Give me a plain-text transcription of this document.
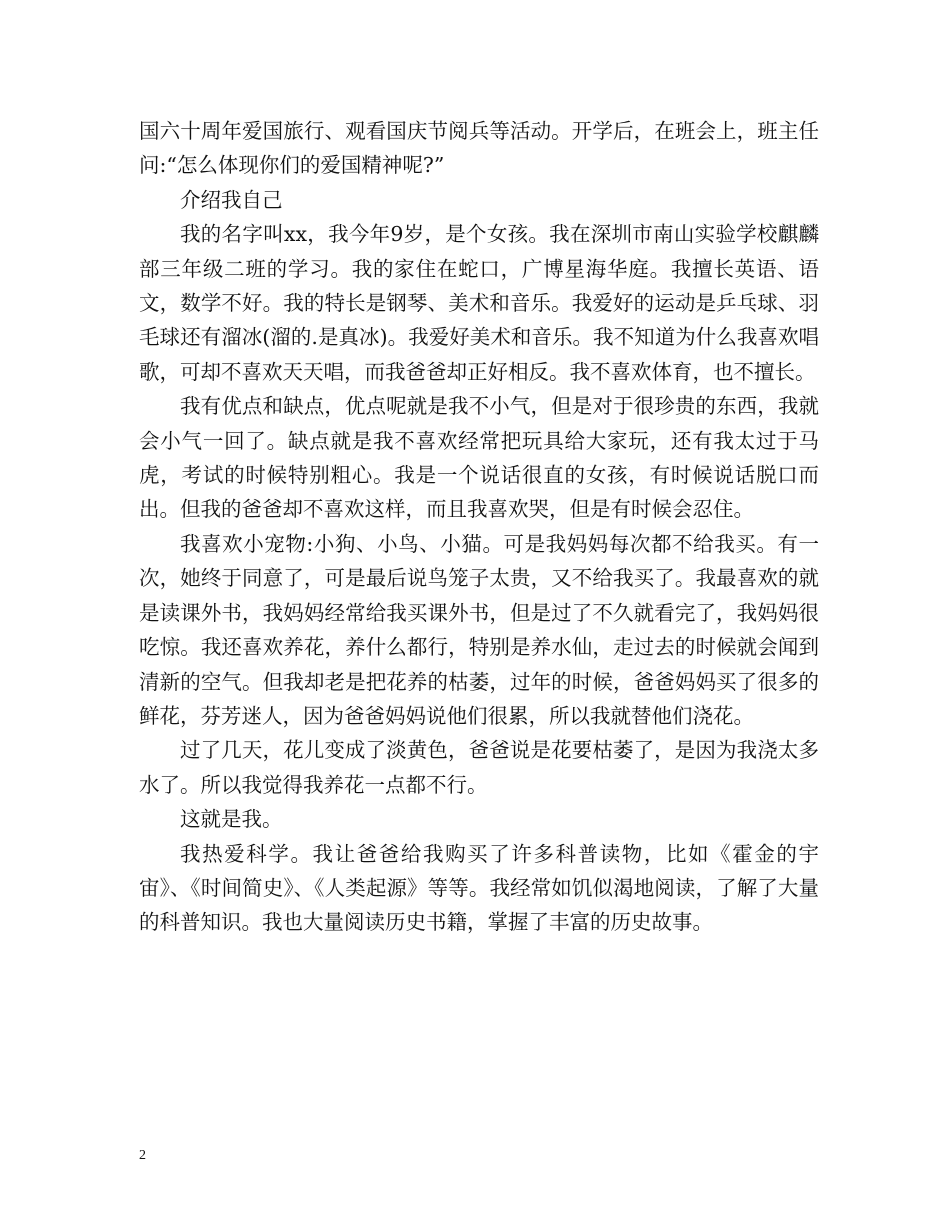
国六十周年爱国旅行、观看国庆节阅兵等活动。开学后，在班会上，班主任问:“怎么体现你们的爱国精神呢?”

介绍我自己

我的名字叫xx，我今年9岁，是个女孩。我在深圳市南山实验学校麒麟部三年级二班的学习。我的家住在蛇口，广博星海华庭。我擅长英语、语文，数学不好。我的特长是钢琴、美术和音乐。我爱好的运动是乒乓球、羽毛球还有溜冰(溜的.是真冰)。我爱好美术和音乐。我不知道为什么我喜欢唱歌，可却不喜欢天天唱，而我爸爸却正好相反。我不喜欢体育，也不擅长。

我有优点和缺点，优点呢就是我不小气，但是对于很珍贵的东西，我就会小气一回了。缺点就是我不喜欢经常把玩具给大家玩，还有我太过于马虎，考试的时候特别粗心。我是一个说话很直的女孩，有时候说话脱口而出。但我的爸爸却不喜欢这样，而且我喜欢哭，但是有时候会忍住。

我喜欢小宠物:小狗、小鸟、小猫。可是我妈妈每次都不给我买。有一次，她终于同意了，可是最后说鸟笼子太贵，又不给我买了。我最喜欢的就是读课外书，我妈妈经常给我买课外书，但是过了不久就看完了，我妈妈很吃惊。我还喜欢养花，养什么都行，特别是养水仙，走过去的时候就会闻到清新的空气。但我却老是把花养的枯萎，过年的时候，爸爸妈妈买了很多的鲜花，芬芳迷人，因为爸爸妈妈说他们很累，所以我就替他们浇花。

过了几天，花儿变成了淡黄色，爸爸说是花要枯萎了，是因为我浇太多水了。所以我觉得我养花一点都不行。

这就是我。

我热爱科学。我让爸爸给我购买了许多科普读物，比如《霍金的宇宙》、《时间简史》、《人类起源》等等。我经常如饥似渴地阅读，了解了大量的科普知识。我也大量阅读历史书籍，掌握了丰富的历史故事。

2
